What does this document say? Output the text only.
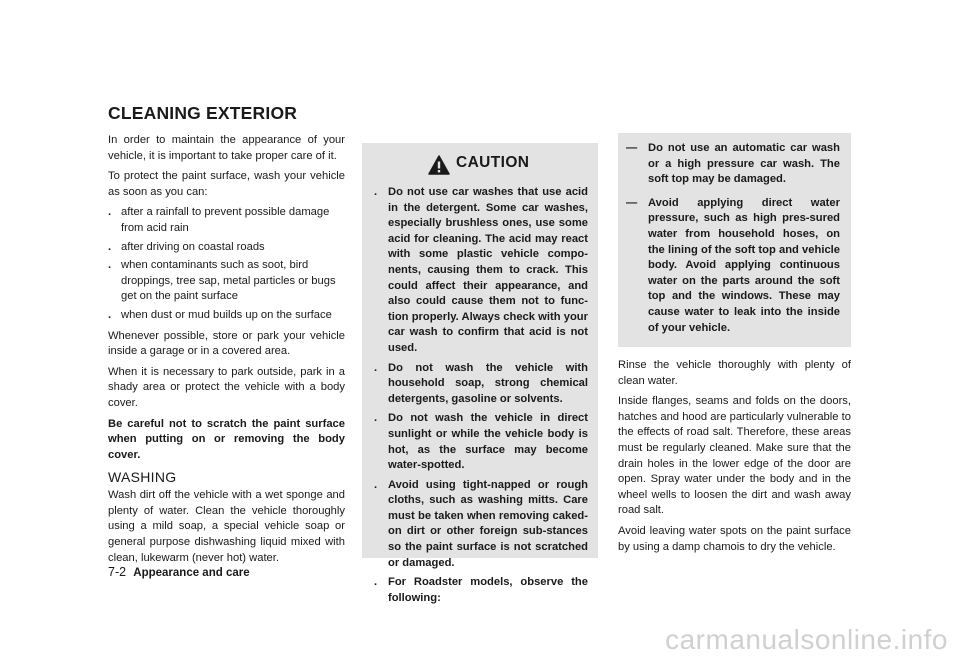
CLEANING EXTERIOR

In order to maintain the appearance of your vehicle, it is important to take proper care of it.

To protect the paint surface, wash your vehicle as soon as you can:

. after a rainfall to prevent possible damage from acid rain
. after driving on coastal roads
. when contaminants such as soot, bird droppings, tree sap, metal particles or bugs get on the paint surface
. when dust or mud builds up on the surface

Whenever possible, store or park your vehicle inside a garage or in a covered area.

When it is necessary to park outside, park in a shady area or protect the vehicle with a body cover.

Be careful not to scratch the paint surface when putting on or removing the body cover.

WASHING

Wash dirt off the vehicle with a wet sponge and plenty of water. Clean the vehicle thoroughly using a mild soap, a special vehicle soap or general purpose dishwashing liquid mixed with clean, lukewarm (never hot) water.

CAUTION
. Do not use car washes that use acid in the detergent. Some car washes, especially brushless ones, use some acid for cleaning. The acid may react with some plastic vehicle compo-nents, causing them to crack. This could affect their appearance, and also could cause them not to func-tion properly. Always check with your car wash to confirm that acid is not used.
. Do not wash the vehicle with household soap, strong chemical detergents, gasoline or solvents.
. Do not wash the vehicle in direct sunlight or while the vehicle body is hot, as the surface may become water-spotted.
. Avoid using tight-napped or rough cloths, such as washing mitts. Care must be taken when removing caked-on dirt or other foreign sub-stances so the paint surface is not scratched or damaged.
. For Roadster models, observe the following:
— Do not use an automatic car wash or a high pressure car wash. The soft top may be damaged.
— Avoid applying direct water pressure, such as high pres-sured water from household hoses, on the lining of the soft top and vehicle body. Avoid applying continuous water on the parts around the soft top and the windows. These may cause water to leak into the inside of your vehicle.

Rinse the vehicle thoroughly with plenty of clean water.

Inside flanges, seams and folds on the doors, hatches and hood are particularly vulnerable to the effects of road salt. Therefore, these areas must be regularly cleaned. Make sure that the drain holes in the lower edge of the door are open. Spray water under the body and in the wheel wells to loosen the dirt and wash away road salt.

Avoid leaving water spots on the paint surface by using a damp chamois to dry the vehicle.

7-2 Appearance and care
carmanualsonline.info
